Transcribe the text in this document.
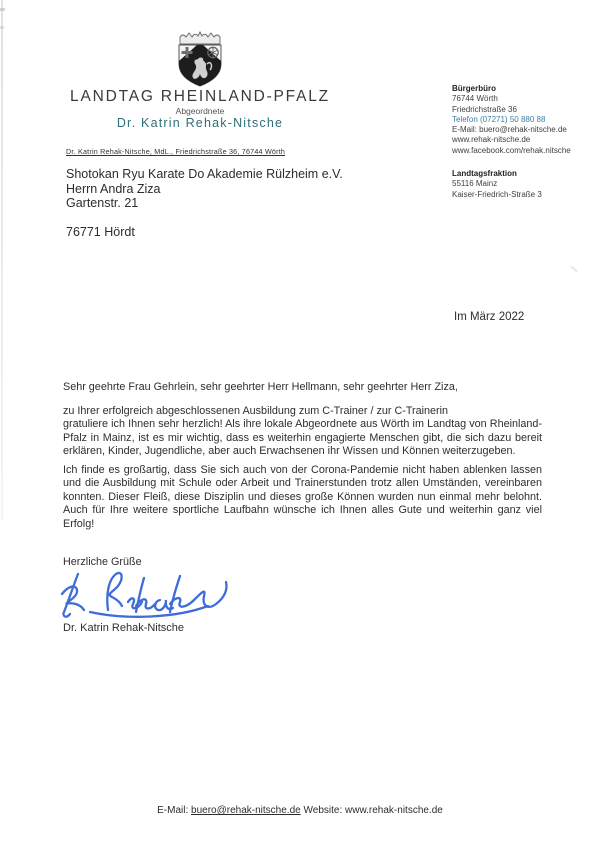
LANDTAG RHEINLAND-PFALZ
Abgeordnete
Dr. Katrin Rehak-Nitsche
Dr. Katrin Rehak-Nitsche, MdL., Friedrichstraße 36, 76744 Wörth
Shotokan Ryu Karate Do Akademie Rülzheim e.V.
Herrn Andra Ziza
Gartenstr. 21
76771 Hördt
Bürgerbüro
76744 Wörth
Friedrichstraße 36
Telefon (07271) 50 880 88
E-Mail: buero@rehak-nitsche.de
www.rehak-nitsche.de
www.facebook.com/rehak.nitsche
Landtagsfraktion
55116 Mainz
Kaiser-Friedrich-Straße 3
Im März 2022
Sehr geehrte Frau Gehrlein, sehr geehrter Herr Hellmann, sehr geehrter Herr Ziza,
zu Ihrer erfolgreich abgeschlossenen Ausbildung zum C-Trainer / zur C-Trainerin
gratuliere ich Ihnen sehr herzlich! Als ihre lokale Abgeordnete aus Wörth im Landtag von Rheinland-Pfalz in Mainz, ist es mir wichtig, dass es weiterhin engagierte Menschen gibt, die sich dazu bereit erklären, Kinder, Jugendliche, aber auch Erwachsenen ihr Wissen und Können weiterzugeben.
Ich finde es großartig, dass Sie sich auch von der Corona-Pandemie nicht haben ablenken lassen und die Ausbildung mit Schule oder Arbeit und Trainerstunden trotz allen Umständen, vereinbaren konnten. Dieser Fleiß, diese Disziplin und dieses große Können wurden nun einmal mehr belohnt. Auch für Ihre weitere sportliche Laufbahn wünsche ich Ihnen alles Gute und weiterhin ganz viel Erfolg!
Herzliche Grüße
Dr. Katrin Rehak-Nitsche
E-Mail: buero@rehak-nitsche.de Website: www.rehak-nitsche.de
